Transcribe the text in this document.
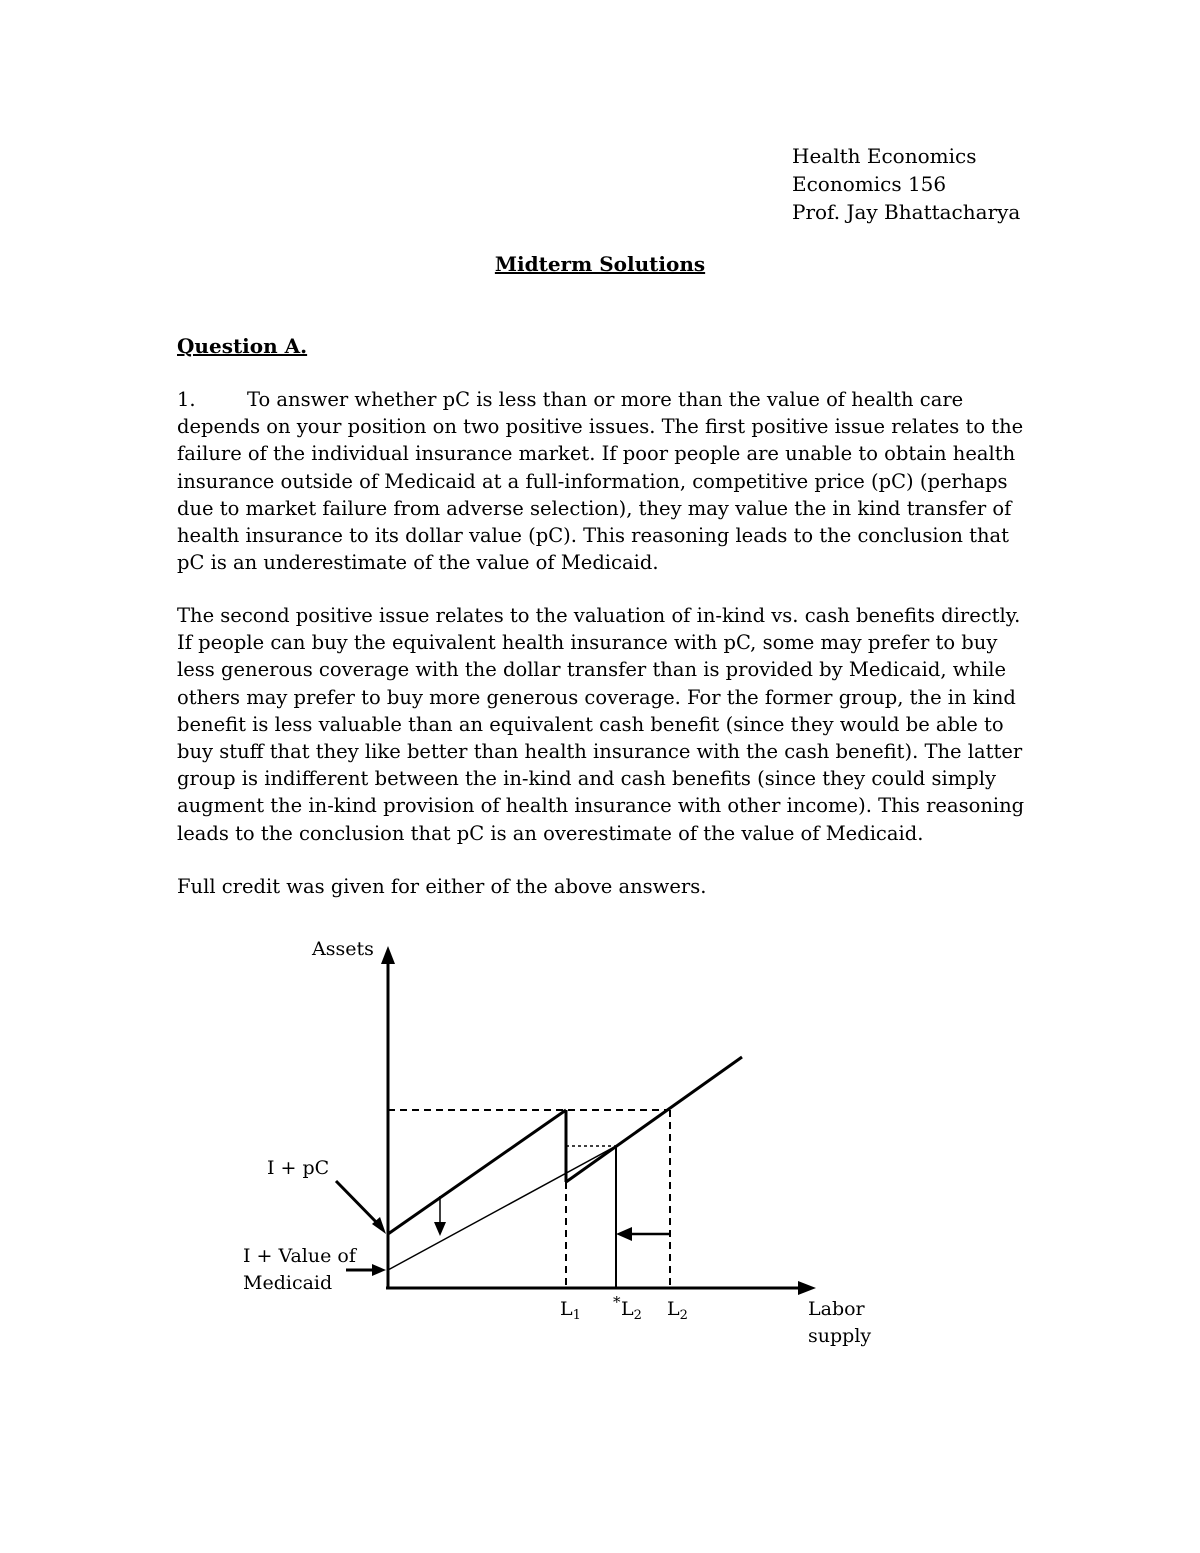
Health Economics
Economics 156
Prof. Jay Bhattacharya
Midterm Solutions
Question A.
1.	To answer whether pC is less than or more than the value of health care depends on your position on two positive issues. The first positive issue relates to the failure of the individual insurance market. If poor people are unable to obtain health insurance outside of Medicaid at a full-information, competitive price (pC) (perhaps due to market failure from adverse selection), they may value the in kind transfer of health insurance to its dollar value (pC). This reasoning leads to the conclusion that pC is an underestimate of the value of Medicaid.
The second positive issue relates to the valuation of in-kind vs. cash benefits directly. If people can buy the equivalent health insurance with pC, some may prefer to buy less generous coverage with the dollar transfer than is provided by Medicaid, while others may prefer to buy more generous coverage. For the former group, the in kind benefit is less valuable than an equivalent cash benefit (since they would be able to buy stuff that they like better than health insurance with the cash benefit). The latter group is indifferent between the in-kind and cash benefits (since they could simply augment the in-kind provision of health insurance with other income). This reasoning leads to the conclusion that pC is an overestimate of the value of Medicaid.
Full credit was given for either of the above answers.
Assets
Labor
supply
I + pC
I + Value of
Medicaid
$L_1$
* $L_2$ $L_2$
